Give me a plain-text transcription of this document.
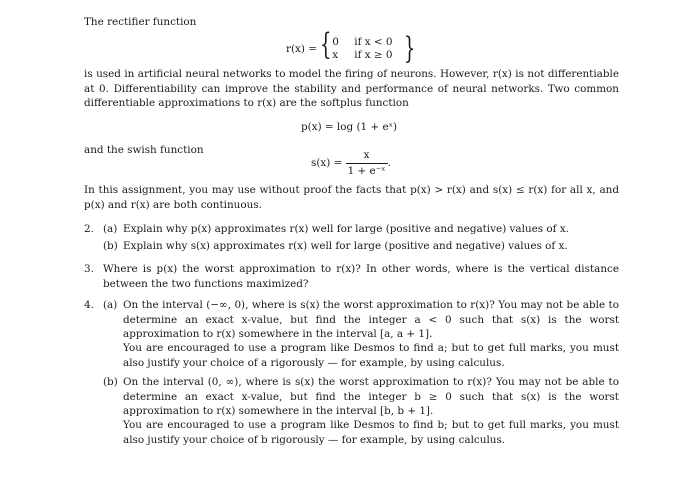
The rectifier function
r(x) = { 0 if x < 0
x if x ≥ 0 }
is used in artificial neural networks to model the firing of neurons. However, r(x) is not differentiable at 0. Differentiability can improve the stability and performance of neural networks. Two common differentiable approximations to r(x) are the softplus function
p(x) = log (1 + eˣ)
and the swish function
$s(x) = \frac{x}{\text{1 + e⁻ˣ}}$ .
In this assignment, you may use without proof the facts that p(x) > r(x) and s(x) ≤ r(x) for all x, and p(x) and r(x) are both continuous.
2. (a) Explain why p(x) approximates r(x) well for large (positive and negative) values of x.
(b) Explain why s(x) approximates r(x) well for large (positive and negative) values of x.
3. Where is p(x) the worst approximation to r(x)? In other words, where is the vertical distance between the two functions maximized?
4. (a) On the interval (−∞, 0), where is s(x) the worst approximation to r(x)? You may not be able to determine an exact x-value, but find the integer a < 0 such that s(x) is the worst approximation to r(x) somewhere in the interval [a, a + 1].
You are encouraged to use a program like Desmos to find a; but to get full marks, you must also justify your choice of a rigorously — for example, by using calculus.
(b) On the interval (0, ∞), where is s(x) the worst approximation to r(x)? You may not be able to determine an exact x-value, but find the integer b ≥ 0 such that s(x) is the worst approximation to r(x) somewhere in the interval [b, b + 1].
You are encouraged to use a program like Desmos to find b; but to get full marks, you must also justify your choice of b rigorously — for example, by using calculus.
